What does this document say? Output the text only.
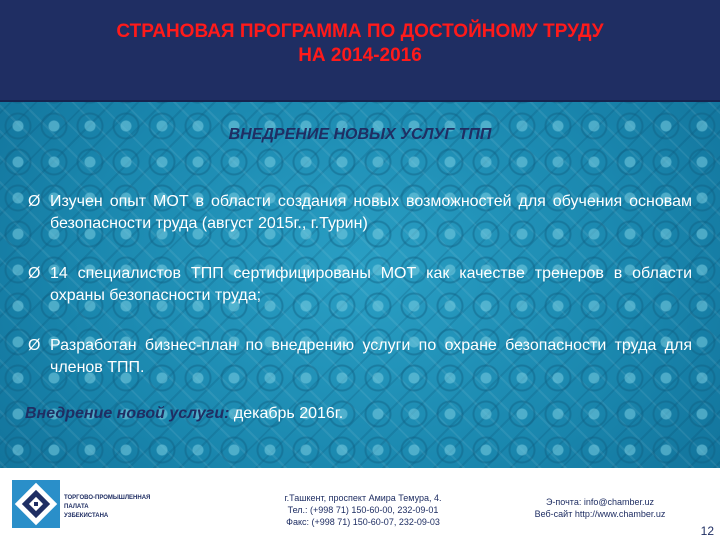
СТРАНОВАЯ ПРОГРАММА ПО ДОСТОЙНОМУ ТРУДУ
НА 2014-2016
ВНЕДРЕНИЕ НОВЫХ УСЛУГ ТПП
Ø Изучен опыт МОТ в области создания новых возможностей для обучения основам безопасности труда (август 2015г., г.Турин)
Ø 14 специалистов ТПП сертифицированы МОТ как качестве тренеров в области охраны безопасности труда;
Ø Разработан бизнес-план по внедрению услуги по охране безопасности труда для членов ТПП.
Внедрение новой услуги: декабрь 2016г.
ТОРГОВО-ПРОМЫШЛЕННАЯ
ПАЛАТА
УЗБЕКИСТАНА
г.Ташкент, проспект Амира Темура, 4.
Тел.: (+998 71) 150-60-00, 232-09-01
Факс: (+998 71) 150-60-07, 232-09-03
Э-почта: info@chamber.uz
Веб-сайт http://www.chamber.uz
12
